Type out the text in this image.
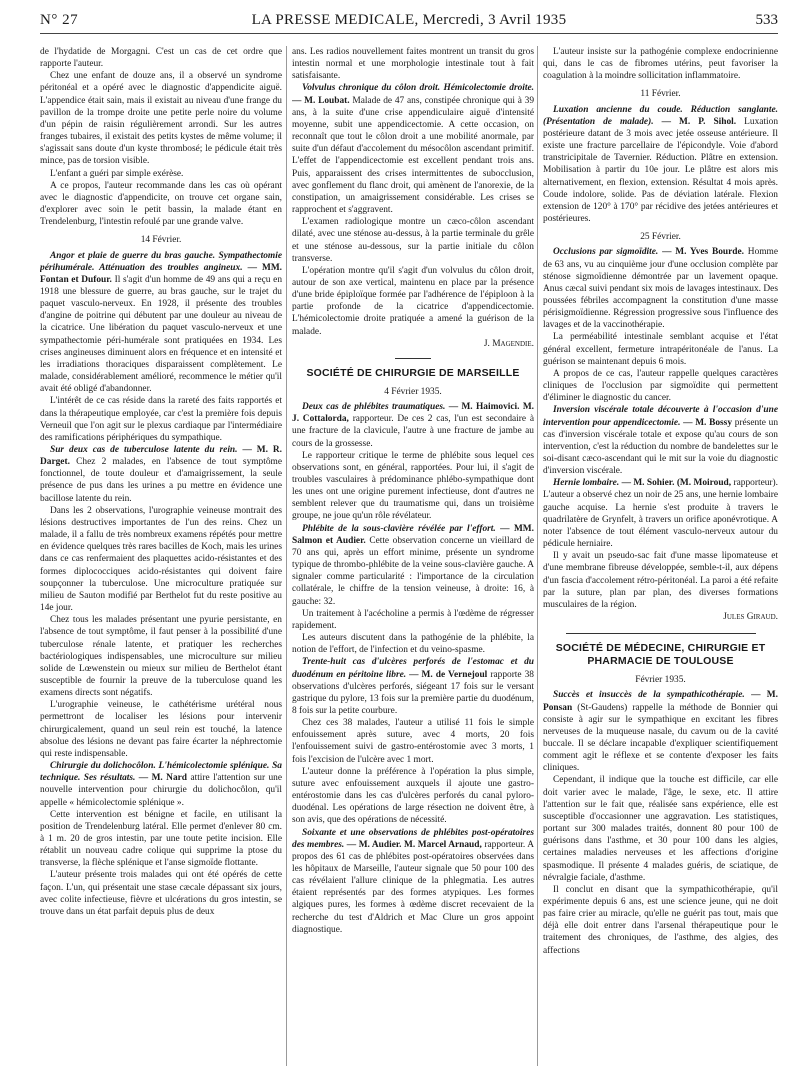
N° 27	LA PRESSE MEDICALE, Mercredi, 3 Avril 1935	533

de l'hydatide de Morgagni. C'est un cas de cet ordre que rapporte l'auteur.

Chez une enfant de douze ans, il a observé un syndrome péritonéal et a opéré avec le diagnostic d'appendicite aiguë. L'appendice était sain, mais il existait au niveau d'une frange du pavillon de la trompe droite une petite perle noire du volume d'un pépin de raisin régulièrement arrondi. Sur les autres franges tubaires, il existait des petits kystes de même volume; il s'agissait sans doute d'un kyste thrombosé; le pédicule était très mince, pas de torsion visible.

L'enfant a guéri par simple exérèse.

A ce propos, l'auteur recommande dans les cas où opérant avec le diagnostic d'appendicite, on trouve cet organe sain, d'explorer avec soin le petit bassin, la malade étant en Trendelenburg, l'intestin refoulé par une grande valve.

14 Février.

Angor et plaie de guerre du bras gauche. Sympathectomie périhumérale. Atténuation des troubles angineux. — MM. Fontan et Dufour. Il s'agit d'un homme de 49 ans qui a reçu en 1918 une blessure de guerre, au bras gauche, sur le trajet du paquet vasculo-nerveux. En 1928, il présente des troubles d'angine de poitrine qui débutent par une douleur au niveau de la cicatrice. Une libération du paquet vasculo-nerveux et une sympathectomie péri-humérale sont pratiquées en 1934. Les crises angineuses diminuent alors en fréquence et en intensité et les irradiations thoraciques disparaissent complètement. Le malade, considérablement amélioré, recommence le métier qu'il avait été obligé d'abandonner.

L'intérêt de ce cas réside dans la rareté des faits rapportés et dans la thérapeutique employée, car c'est la première fois depuis Verneuil que l'on agit sur le plexus cardiaque par l'intermédiaire des ramifications périphériques du sympathique.

Sur deux cas de tuberculose latente du rein. — M. R. Darget. Chez 2 malades, en l'absence de tout symptôme fonctionnel, de toute douleur et d'amaigrissement, la seule présence de pus dans les urines a pu mettre en évidence une bacillose latente du rein.

Dans les 2 observations, l'urographie veineuse montrait des lésions destructives importantes de l'un des reins. Chez un malade, il a fallu de très nombreux examens répétés pour mettre en évidence quelques très rares bacilles de Koch, mais les urines dans ce cas renfermaient des plaquettes acido-résistantes et des formes diplococciques acido-résistantes qui doivent faire soupçonner la tuberculose. Une microculture pratiquée sur milieu de Sauton modifié par Berthelot fut du reste positive au 14e jour.

Chez tous les malades présentant une pyurie persistante, en l'absence de tout symptôme, il faut penser à la possibilité d'une tuberculose rénale latente, et pratiquer les recherches bactériologiques indispensables, une microculture sur milieu solide de Lœwenstein ou mieux sur milieu de Berthelot étant susceptible de fournir la preuve de la tuberculose quand les examens directs sont négatifs.

L'urographie veineuse, le cathétérisme urétéral nous permettront de localiser les lésions pour intervenir chirurgicalement, quand un seul rein est touché, la latence absolue des lésions ne devant pas faire écarter la néphrectomie qui reste indispensable.

Chirurgie du dolichocôlon. L'hémicolectomie splénique. Sa technique. Ses résultats. — M. Nard attire l'attention sur une nouvelle intervention pour chirurgie du dolichocôlon, qu'il appelle « hémicolectomie splénique ».

Cette intervention est bénigne et facile, en utilisant la position de Trendelenburg latéral. Elle permet d'enlever 80 cm. à 1 m. 20 de gros intestin, par une toute petite incision. Elle rétablit un nouveau cadre colique qui supprime la ptose du transverse, la flèche splénique et l'anse sigmoïde flottante.

L'auteur présente trois malades qui ont été opérés de cette façon. L'un, qui présentait une stase cæcale dépassant six jours, avec colite infectieuse, fièvre et ulcérations du gros intestin, se trouve dans un état parfait depuis plus de deux

ans. Les radios nouvellement faites montrent un transit du gros intestin normal et une morphologie intestinale tout à fait satisfaisante.

Volvulus chronique du côlon droit. Hémicolectomie droite. — M. Loubat. Malade de 47 ans, constipée chronique qui à 39 ans, à la suite d'une crise appendiculaire aiguë d'intensité moyenne, subit une appendicectomie. A cette occasion, on reconnaît que tout le côlon droit a une mobilité anormale, par suite d'un défaut d'accolement du mésocôlon ascendant primitif. L'effet de l'appendicectomie est excellent pendant trois ans. Puis, apparaissent des crises intermittentes de subocclusion, avec gonflement du flanc droit, qui amènent de l'anorexie, de la constipation, un amaigrissement considérable. Les crises se rapprochent et s'aggravent.

L'examen radiologique montre un cæco-côlon ascendant dilaté, avec une sténose au-dessus, à la partie terminale du grêle et une sténose au-dessous, sur la partie initiale du côlon transverse.

L'opération montre qu'il s'agit d'un volvulus du côlon droit, autour de son axe vertical, maintenu en place par la présence d'une bride épiploïque formée par l'adhérence de l'épiploon à la partie profonde de la cicatrice d'appendicectomie. L'hémicolectomie droite pratiquée a amené la guérison de la malade.

J. Magendie.
SOCIÉTÉ DE CHIRURGIE DE MARSEILLE
4 Février 1935.

Deux cas de phlébites traumatiques. — M. Haimovici. M. J. Cottalorda, rapporteur. De ces 2 cas, l'un est secondaire à une fracture de la clavicule, l'autre à une fracture de jambe au cours de la grossesse.

Le rapporteur critique le terme de phlébite sous lequel ces observations sont, en général, rapportées. Pour lui, il s'agit de troubles vasculaires à prédominance phlébo-sympathique dont les unes ont une origine purement infectieuse, dont d'autres ne semblent relever que du traumatisme qui, dans un troisième groupe, ne joue qu'un rôle révélateur.

Phlébite de la sous-clavière révélée par l'effort. — MM. Salmon et Audier. Cette observation concerne un vieillard de 70 ans qui, après un effort minime, présente un syndrome typique de thrombo-phlébite de la veine sous-clavière gauche. A signaler comme particularité : l'importance de la circulation collatérale, le chiffre de la tension veineuse, à droite: 16, à gauche: 32.

Un traitement à l'acécholine a permis à l'œdème de régresser rapidement.

Les auteurs discutent dans la pathogénie de la phlébite, la notion de l'effort, de l'infection et du veino-spasme.

Trente-huit cas d'ulcères perforés de l'estomac et du duodénum en péritoine libre. — M. de Vernejoul rapporte 38 observations d'ulcères perforés, siégeant 17 fois sur le versant gastrique du pylore, 13 fois sur la première partie du duodénum, 8 fois sur la petite courbure.

Chez ces 38 malades, l'auteur a utilisé 11 fois le simple enfouissement après suture, avec 4 morts, 20 fois l'enfouissement suivi de gastro-entérostomie avec 3 morts, 1 fois l'excision de l'ulcère avec 1 mort.

L'auteur donne la préférence à l'opération la plus simple, suture avec enfouissement auxquels il ajoute une gastro-entérostomie dans les cas d'ulcères perforés du canal pyloro-duodénal. Les opérations de large résection ne doivent être, à son avis, que des opérations de nécessité.

Soixante et une observations de phlébites post-opératoires des membres. — M. Audier. M. Marcel Arnaud, rapporteur. A propos des 61 cas de phlébites post-opératoires observées dans les hôpitaux de Marseille, l'auteur signale que 50 pour 100 des cas révélaient l'allure clinique de la phlegmatia. Les autres étaient représentés par des formes atypiques. Les formes algiques pures, les formes à œdème discret recevaient de la recherche du test d'Aldrich et Mac Clure un gros appoint diagnostique.

L'auteur insiste sur la pathogénie complexe endocrinienne qui, dans le cas de fibromes utérins, peut favoriser la coagulation à la moindre sollicitation inflammatoire.

11 Février.

Luxation ancienne du coude. Réduction sanglante. (Présentation de malade). — M. P. Sihol. Luxation postérieure datant de 3 mois avec jetée osseuse antérieure. Il existe une fracture parcellaire de l'épicondyle. Voie d'abord transtricipitale de Tavernier. Réduction. Plâtre en extension. Mobilisation à partir du 10e jour. Le plâtre est alors mis alternativement, en flexion, extension. Résultat 4 mois après. Coude indolore, solide. Pas de déviation latérale. Flexion extension de 120° à 170° par récidive des jetées antérieures et postérieures.

25 Février.

Occlusions par sigmoïdite. — M. Yves Bourde. Homme de 63 ans, vu au cinquième jour d'une occlusion complète par sténose sigmoïdienne démontrée par un lavement opaque. Anus cæcal suivi pendant six mois de lavages intestinaux. Des poussées fébriles accompagnent la constitution d'une masse périsigmoïdienne. Régression progressive sous l'influence des lavages et de la vaccinothérapie.

La perméabilité intestinale semblant acquise et l'état général excellent, fermeture intrapéritonéale de l'anus. La guérison se maintenant depuis 6 mois.

A propos de ce cas, l'auteur rappelle quelques caractères cliniques de l'occlusion par sigmoïdite qui permettent d'éliminer le diagnostic du cancer.

Inversion viscérale totale découverte à l'occasion d'une intervention pour appendicectomie. — M. Bossy présente un cas d'inversion viscérale totale et expose qu'au cours de son intervention, c'est la réduction du nombre de bandelettes sur le soi-disant cæco-ascendant qui le mit sur la voie du diagnostic d'inversion viscérale.

Hernie lombaire. — M. Sohier. (M. Moiroud, rapporteur). L'auteur a observé chez un noir de 25 ans, une hernie lombaire gauche acquise. La hernie s'est produite à travers le quadrilatère de Grynfelt, à travers un orifice aponévrotique. A noter l'absence de tout élément vasculo-nerveux autour du pédicule herniaire.

Il y avait un pseudo-sac fait d'une masse lipomateuse et d'une membrane fibreuse développée, semble-t-il, aux dépens d'un fascia d'accolement rétro-péritonéal. La paroi a été refaite par la suture, plan par plan, des diverses formations musculaires de la région.

Jules Giraud.
SOCIÉTÉ DE MÉDECINE, CHIRURGIE ET PHARMACIE DE TOULOUSE
Février 1935.

Succès et insuccès de la sympathicothérapie. — M. Ponsan (St-Gaudens) rappelle la méthode de Bonnier qui consiste à agir sur le sympathique en excitant les fibres nerveuses de la muqueuse nasale, du cavum ou de la cavité buccale. Il se déclare incapable d'expliquer scientifiquement comment agit le réflexe et se contente d'exposer les faits cliniques.

Cependant, il indique que la touche est difficile, car elle doit varier avec le malade, l'âge, le sexe, etc. Il attire l'attention sur le fait que, réalisée sans expérience, elle est susceptible d'occasionner une aggravation. Les statistiques, portant sur 300 malades traités, donnent 80 pour 100 de guérisons dans l'asthme, et 30 pour 100 dans les algies, certaines maladies nerveuses et les affections d'origine spasmodique. Il présente 4 malades guéris, de sciatique, de névralgie faciale, d'asthme.

Il conclut en disant que la sympathicothérapie, qu'il expérimente depuis 6 ans, est une science jeune, qui ne doit pas faire crier au miracle, qu'elle ne guérit pas tout, mais que déjà elle doit entrer dans l'arsenal thérapeutique pour le traitement des chroniques, de l'asthme, des algies, des affections
